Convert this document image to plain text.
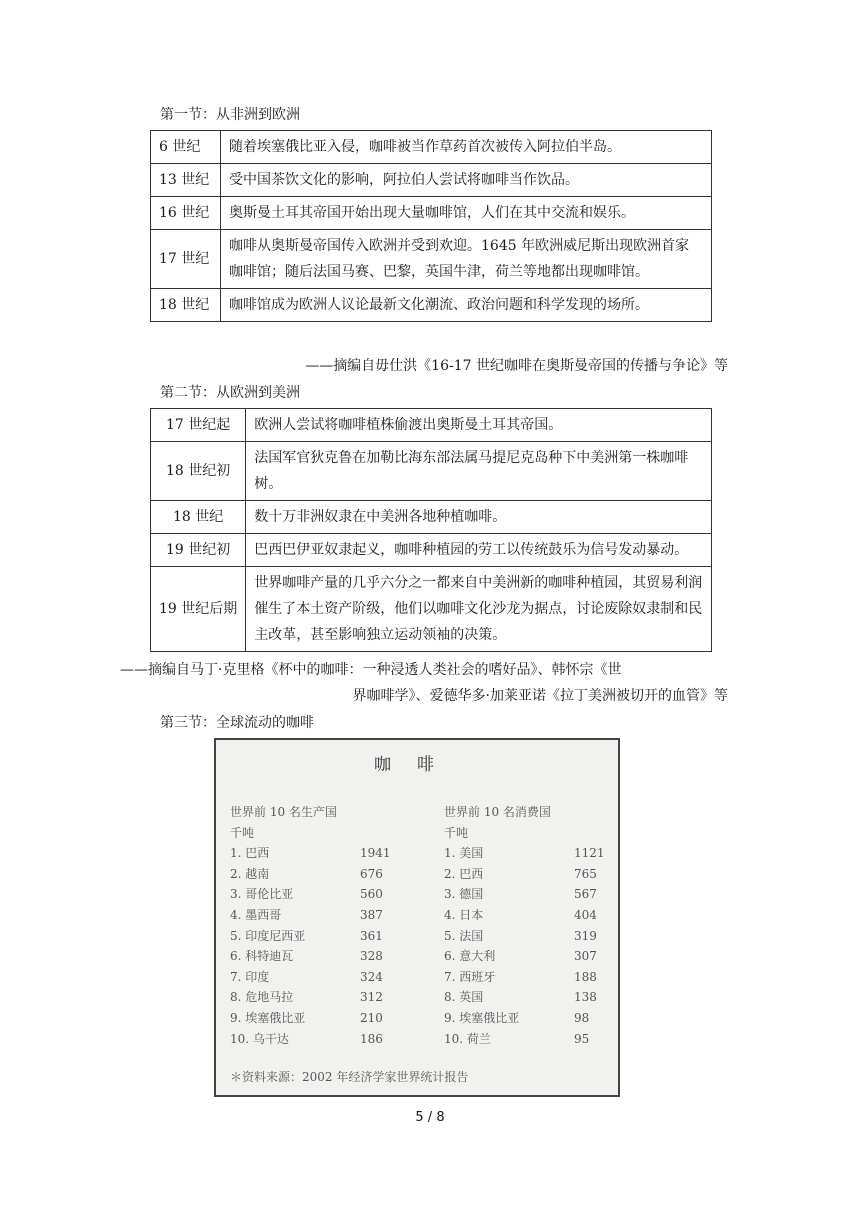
第一节：从非洲到欧洲
6 世纪	随着埃塞俄比亚入侵，咖啡被当作草药首次被传入阿拉伯半岛。
13 世纪	受中国茶饮文化的影响，阿拉伯人尝试将咖啡当作饮品。
16 世纪	奥斯曼土耳其帝国开始出现大量咖啡馆，人们在其中交流和娱乐。
17 世纪	咖啡从奥斯曼帝国传入欧洲并受到欢迎。1645 年欧洲威尼斯出现欧洲首家咖啡馆；随后法国马赛、巴黎，英国牛津，荷兰等地都出现咖啡馆。
18 世纪	咖啡馆成为欧洲人议论最新文化潮流、政治问题和科学发现的场所。
——摘编自毋仕洪《16-17 世纪咖啡在奥斯曼帝国的传播与争论》等
第二节：从欧洲到美洲
17 世纪起	欧洲人尝试将咖啡植株偷渡出奥斯曼土耳其帝国。
18 世纪初	法国军官狄克鲁在加勒比海东部法属马提尼克岛种下中美洲第一株咖啡树。
18 世纪	数十万非洲奴隶在中美洲各地种植咖啡。
19 世纪初	巴西巴伊亚奴隶起义，咖啡种植园的劳工以传统鼓乐为信号发动暴动。
19 世纪后期	世界咖啡产量的几乎六分之一都来自中美洲新的咖啡种植园，其贸易利润催生了本土资产阶级，他们以咖啡文化沙龙为据点，讨论废除奴隶制和民主改革，甚至影响独立运动领袖的决策。
——摘编自马丁·克里格《杯中的咖啡：一种浸透人类社会的嗜好品》、韩怀宗《世
界咖啡学》、爱德华多·加莱亚诺《拉丁美洲被切开的血管》等
第三节：全球流动的咖啡
咖啡
世界前 10 名生产国
千吨
1. 巴西	1941
2. 越南	676
3. 哥伦比亚	560
4. 墨西哥	387
5. 印度尼西亚	361
6. 科特迪瓦	328
7. 印度	324
8. 危地马拉	312
9. 埃塞俄比亚	210
10. 乌干达	186
世界前 10 名消费国
千吨
1. 美国	1121
2. 巴西	765
3. 德国	567
4. 日本	404
5. 法国	319
6. 意大利	307
7. 西班牙	188
8. 英国	138
9. 埃塞俄比亚	98
10. 荷兰	95
＊资料来源：2002 年经济学家世界统计报告
5 / 8
